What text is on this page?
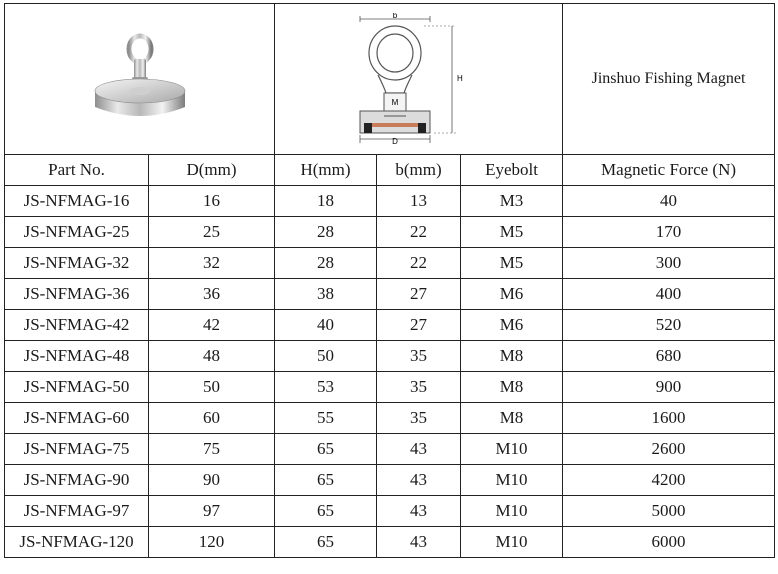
b
M
D
H			Jinshuo Fishing Magnet
Part No.	D(mm)	H(mm)	b(mm)	Eyebolt	Magnetic Force (N)
JS-NFMAG-16	16	18	13	M3	40
JS-NFMAG-25	25	28	22	M5	170
JS-NFMAG-32	32	28	22	M5	300
JS-NFMAG-36	36	38	27	M6	400
JS-NFMAG-42	42	40	27	M6	520
JS-NFMAG-48	48	50	35	M8	680
JS-NFMAG-50	50	53	35	M8	900
JS-NFMAG-60	60	55	35	M8	1600
JS-NFMAG-75	75	65	43	M10	2600
JS-NFMAG-90	90	65	43	M10	4200
JS-NFMAG-97	97	65	43	M10	5000
JS-NFMAG-120	120	65	43	M10	6000
